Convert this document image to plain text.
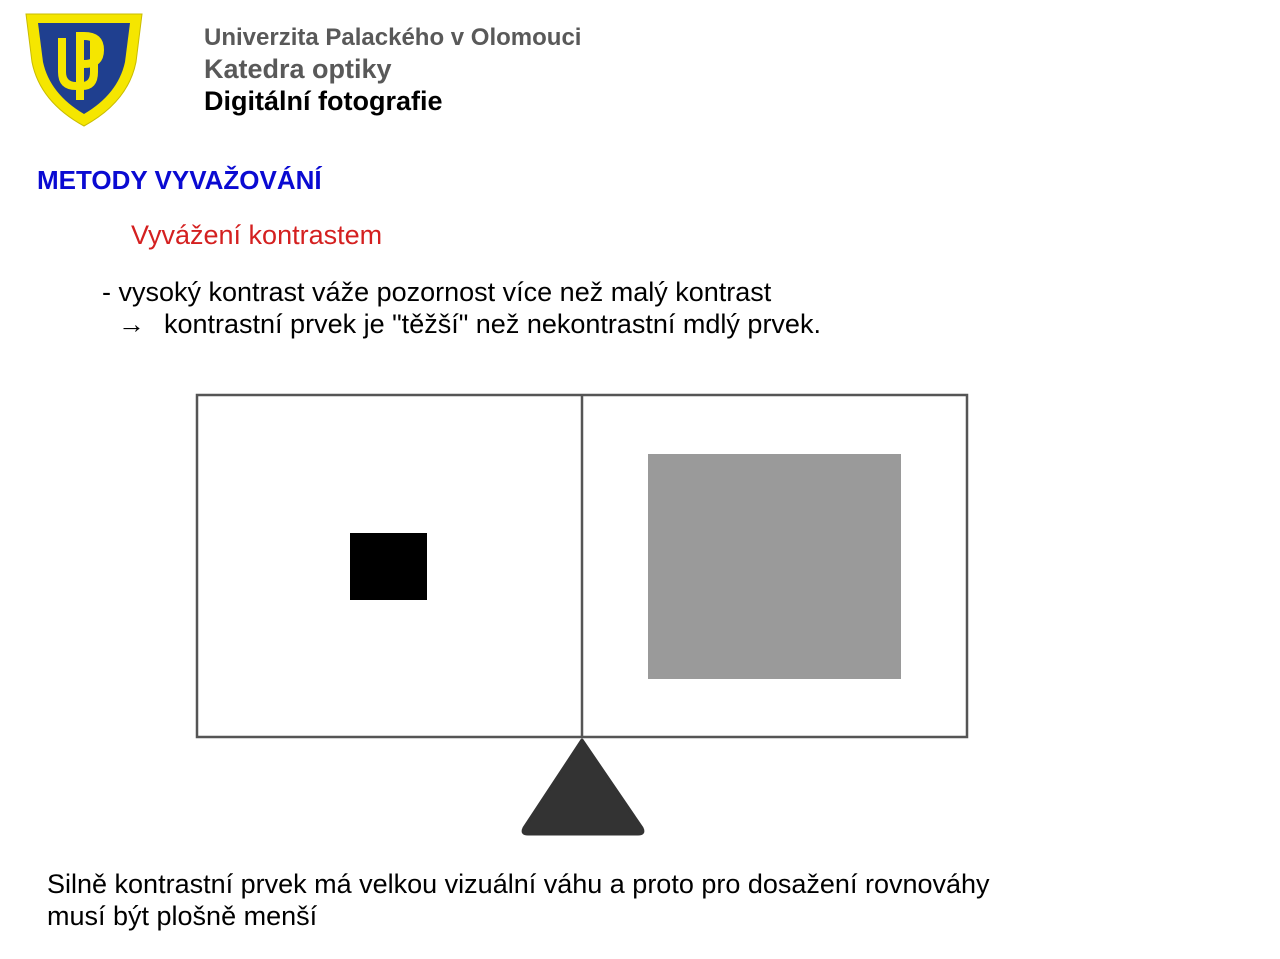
Univerzita Palackého v Olomouci
Katedra optiky
Digitální fotografie
METODY VYVAŽOVÁNÍ
Vyvážení kontrastem
- vysoký kontrast váže pozornost více než malý kontrast
→ kontrastní prvek je "těžší" než nekontrastní mdlý prvek.
Silně kontrastní prvek má velkou vizuální váhu a proto pro dosažení rovnováhy
musí být plošně menší
